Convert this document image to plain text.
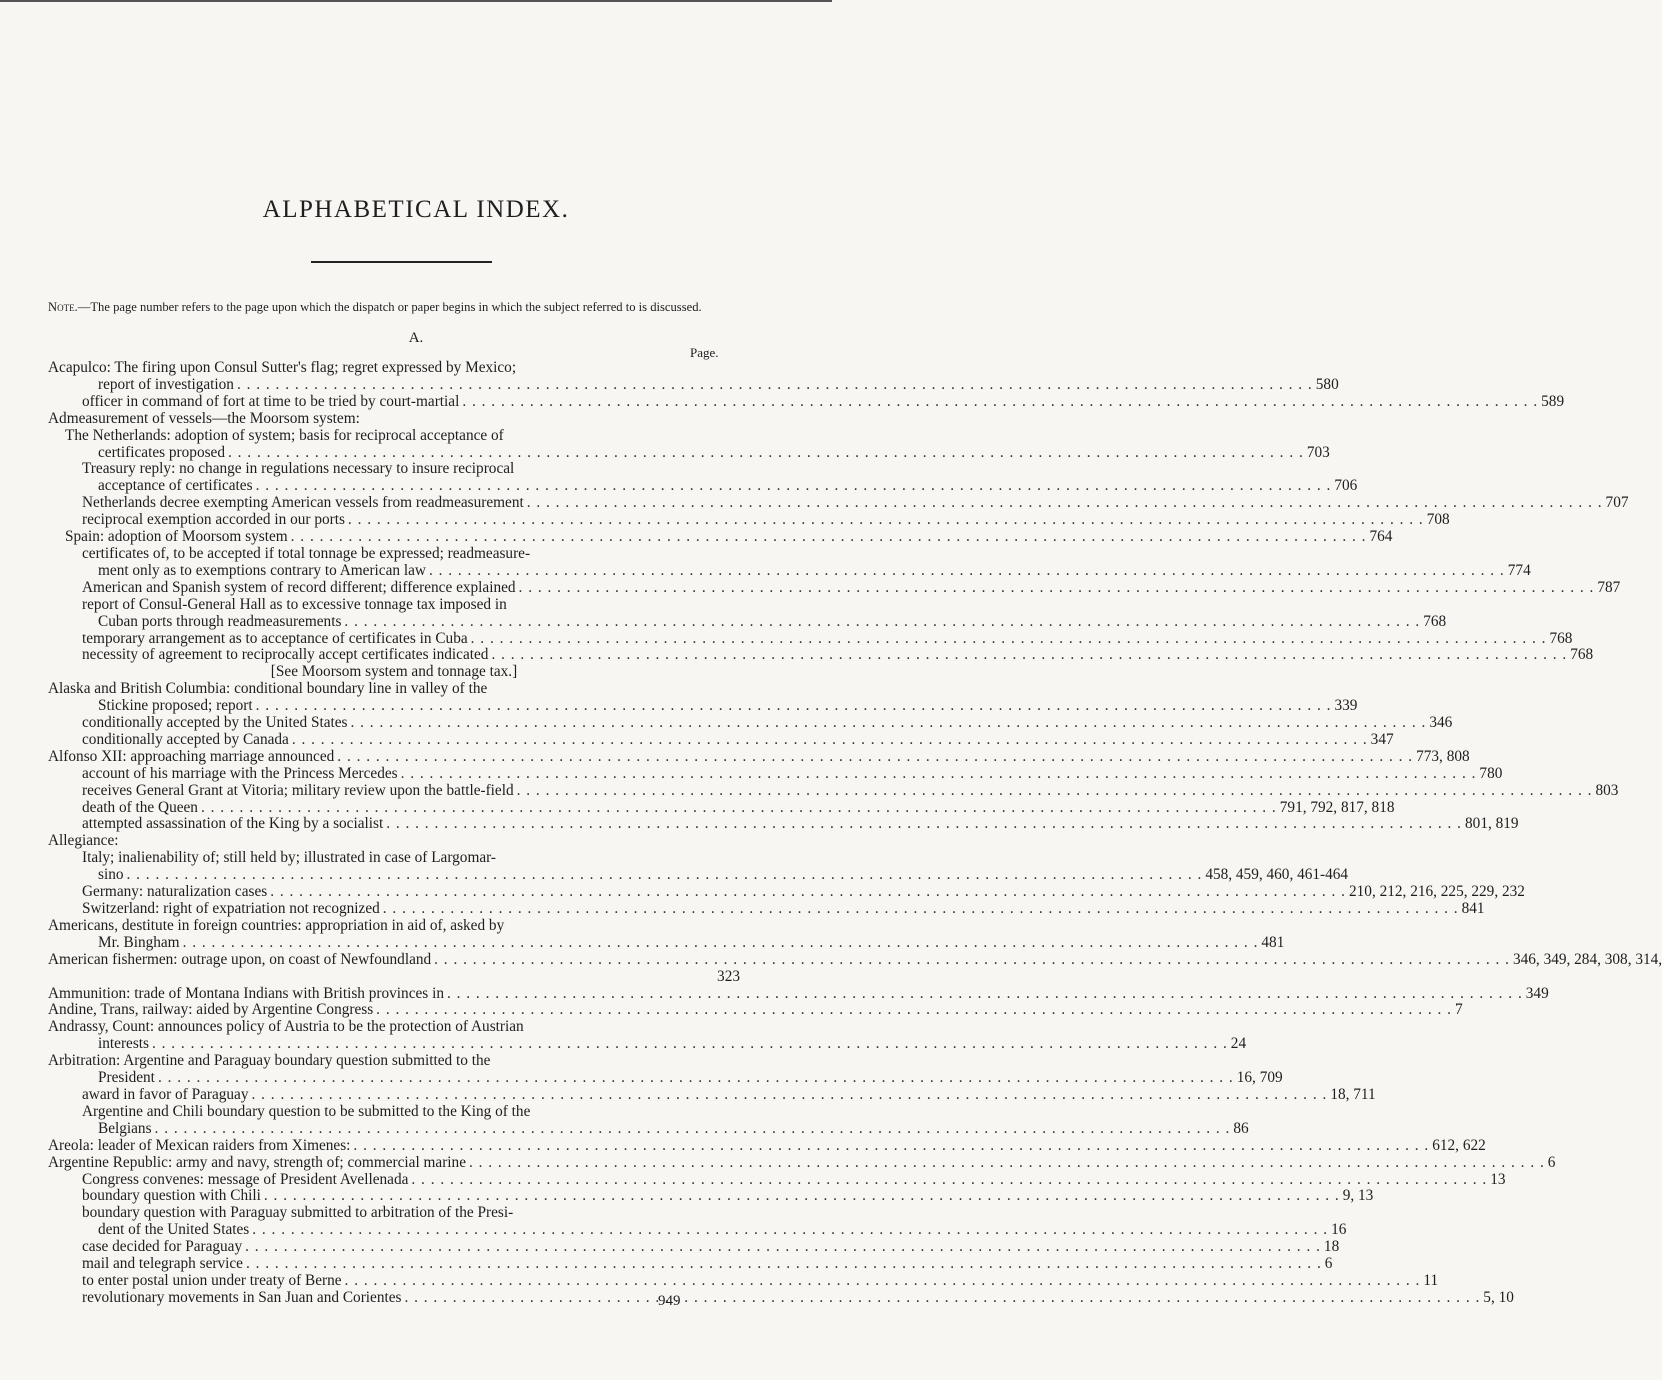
ALPHABETICAL INDEX.
Note.—The page number refers to the page upon which the dispatch or paper begins in which the subject referred to is discussed.
A.
Page.
Acapulco: The firing upon Consul Sutter's flag; regret expressed by Mexico;
report of investigation . . .	580
officer in command of fort at time to be tried by court-martial . . .	589
Admeasurement of vessels—the Moorsom system:
The Netherlands: adoption of system; basis for reciprocal acceptance of
certificates proposed . . .	703
Treasury reply: no change in regulations necessary to insure reciprocal
acceptance of certificates . . .	706
Netherlands decree exempting American vessels from readmeasurement . . .	707
reciprocal exemption accorded in our ports . . .	708
Spain: adoption of Moorsom system . . .	764
certificates of, to be accepted if total tonnage be expressed; readmeasure-
ment only as to exemptions contrary to American law . . .	774
American and Spanish system of record different; difference explained . . .	787
report of Consul-General Hall as to excessive tonnage tax imposed in
Cuban ports through readmeasurements . . .	768
temporary arrangement as to acceptance of certificates in Cuba . . .	768
necessity of agreement to reciprocally accept certificates indicated . . .	768
[See Moorsom system and tonnage tax.]
Alaska and British Columbia: conditional boundary line in valley of the
Stickine proposed; report . . .	339
conditionally accepted by the United States . . .	346
conditionally accepted by Canada . . .	347
Alfonso XII: approaching marriage announced . . .	773, 808
account of his marriage with the Princess Mercedes . . .	780
receives General Grant at Vitoria; military review upon the battle-field . . .	803
death of the Queen . . .	791, 792, 817, 818
attempted assassination of the King by a socialist . . .	801, 819
Allegiance:
Italy; inalienability of; still held by; illustrated in case of Largomar-
sino . . .	458, 459, 460, 461-464
Germany: naturalization cases . . .	210, 212, 216, 225, 229, 232
Switzerland: right of expatriation not recognized . . .	841
Americans, destitute in foreign countries: appropriation in aid of, asked by
Mr. Bingham . . .	481
American fishermen: outrage upon, on coast of Newfoundland . . .	346, 349, 284, 308, 314,
323
Ammunition: trade of Montana Indians with British provinces in . . .	349
Andine, Trans, railway: aided by Argentine Congress . . .	7
Andrassy, Count: announces policy of Austria to be the protection of Austrian
interests . . .	24
Arbitration: Argentine and Paraguay boundary question submitted to the
President . . .	16, 709
award in favor of Paraguay . . .	18, 711
Argentine and Chili boundary question to be submitted to the King of the
Belgians . . .	86
Areola: leader of Mexican raiders from Ximenes: . . .	612, 622
Argentine Republic: army and navy, strength of; commercial marine . . .	6
Congress convenes: message of President Avellenada . . .	13
boundary question with Chili . . .	9, 13
boundary question with Paraguay submitted to arbitration of the Presi-
dent of the United States . . .	16
case decided for Paraguay . . .	18
mail and telegraph service . . .	6
to enter postal union under treaty of Berne . . .	11
revolutionary movements in San Juan and Corientes . . .	5, 10
949
